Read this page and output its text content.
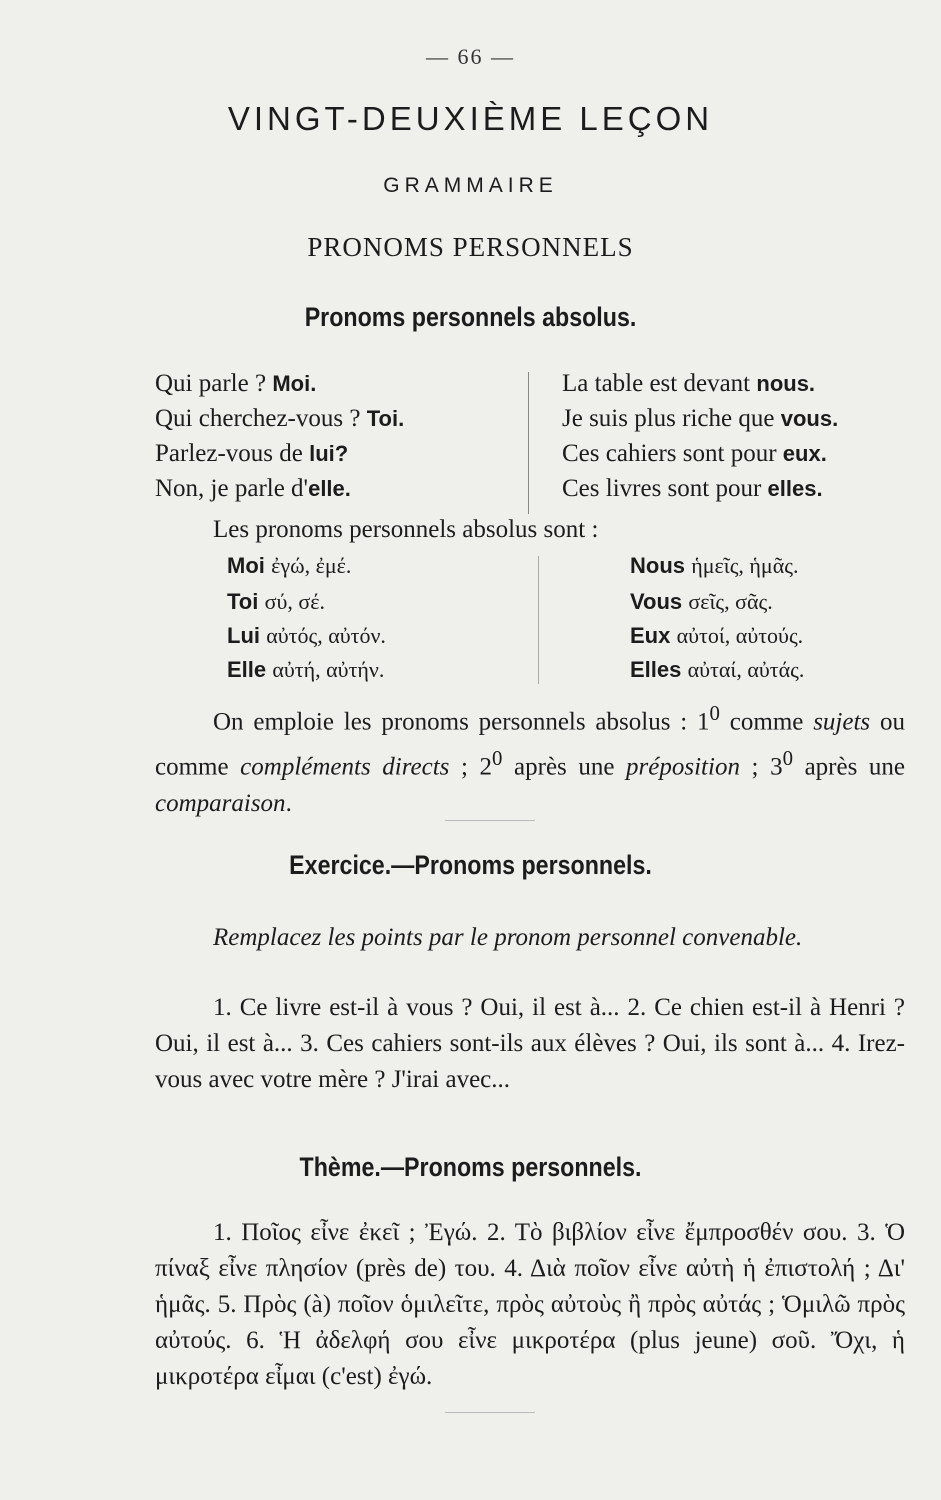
— 66 —
VINGT-DEUXIÈME LEÇON
GRAMMAIRE
PRONOMS PERSONNELS
Pronoms personnels absolus.
Qui parle ? Moi.
Qui cherchez-vous ? Toi.
Parlez-vous de lui?
Non, je parle d'elle.
La table est devant nous.
Je suis plus riche que vous.
Ces cahiers sont pour eux.
Ces livres sont pour elles.
Les pronoms personnels absolus sont :
Moi ἐγώ, ἐμέ.
Toi σύ, σέ.
Lui αὐτός, αὐτόν.
Elle αὐτή, αὐτήν.
Nous ἡμεῖς, ἡμᾶς.
Vous σεῖς, σᾶς.
Eux αὐτοί, αὐτούς.
Elles αὐταί, αὐτάς.
On emploie les pronoms personnels absolus : $1^0$ comme sujets ou comme compléments directs ; $2^0$ après une préposition ; $3^0$ après une comparaison.
Exercice.—Pronoms personnels.
Remplacez les points par le pronom personnel convenable.
1. Ce livre est-il à vous ? Oui, il est à... 2. Ce chien est-il à Henri ? Oui, il est à... 3. Ces cahiers sont-ils aux élèves ? Oui, ils sont à... 4. Irez-vous avec votre mère ? J'irai avec...
Thème.—Pronoms personnels.
1. Ποῖος εἶνε ἐκεῖ ; Ἐγώ. 2. Τὸ βιβλίον εἶνε ἔμπροσθέν σου. 3. Ὁ πίναξ εἶνε πλησίον (près de) του. 4. Διὰ ποῖον εἶνε αὐτὴ ἡ ἐπιστολή ; Δι' ἡμᾶς. 5. Πρὸς (à) ποῖον ὁμιλεῖτε, πρὸς αὐτοὺς ἢ πρὸς αὐτάς ; Ὁμιλῶ πρὸς αὐτούς. 6. Ἡ ἀδελφή σου εἶνε μικροτέρα (plus jeune) σοῦ. Ὄχι, ἡ μικροτέρα εἶμαι (c'est) ἐγώ.
